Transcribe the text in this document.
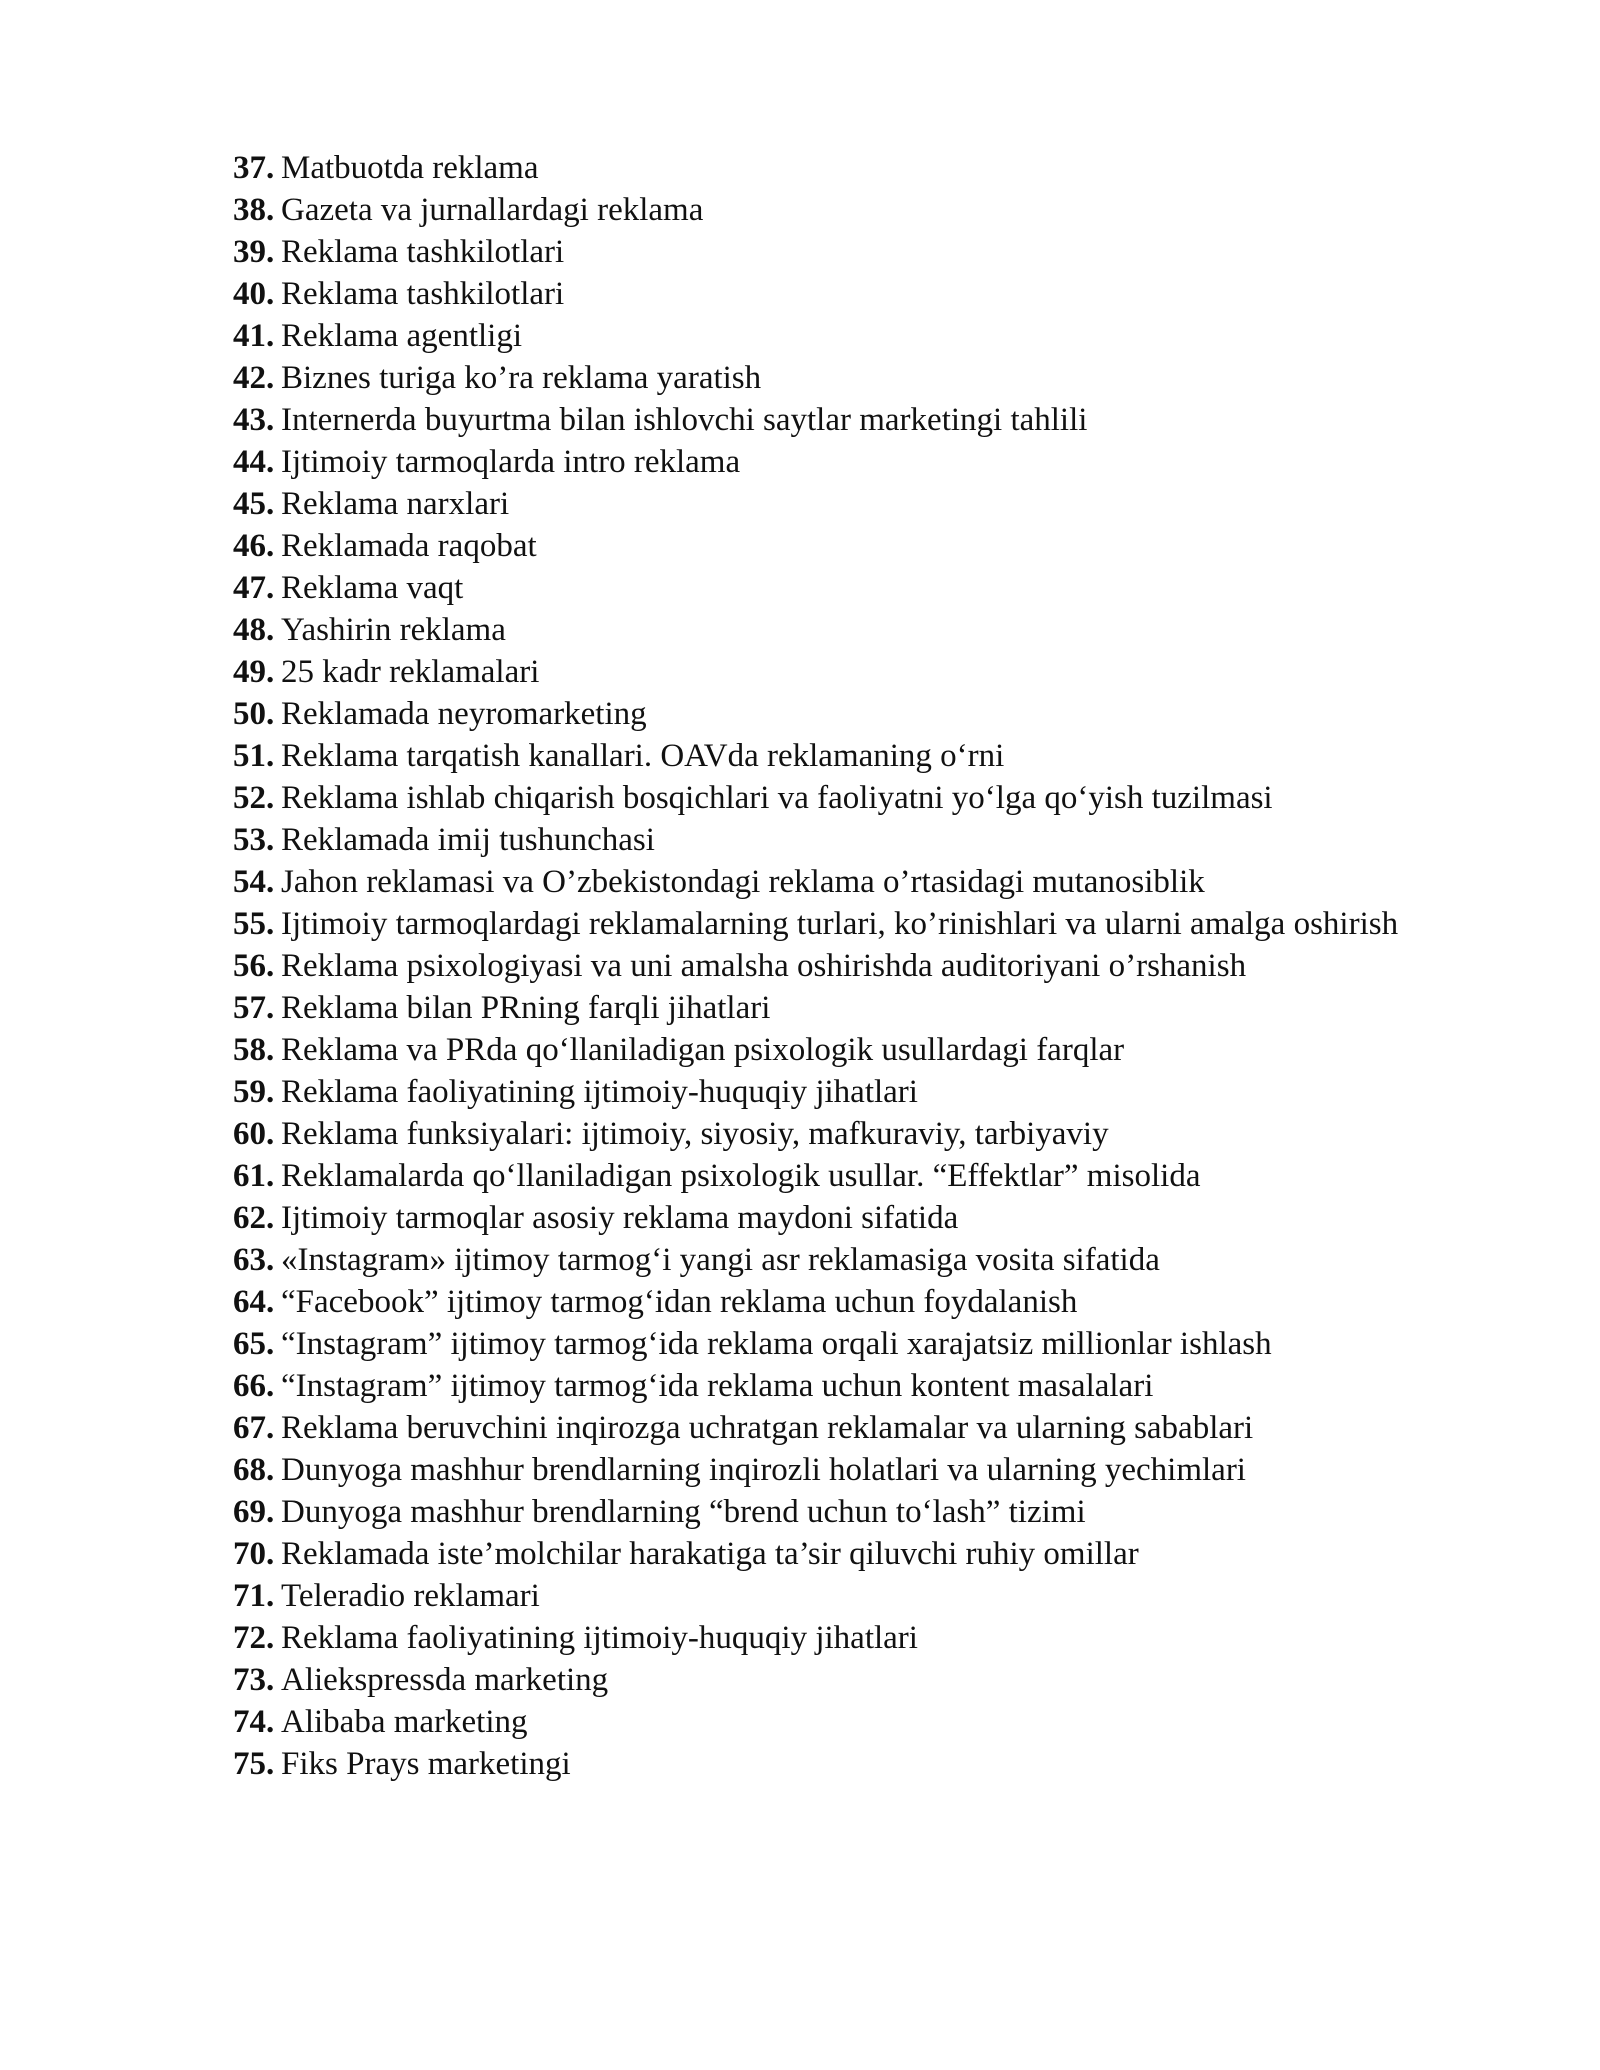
37. Matbuotda reklama
38. Gazeta va jurnallardagi reklama
39. Reklama tashkilotlari
40. Reklama tashkilotlari
41. Reklama agentligi
42. Biznes turiga ko’ra reklama yaratish
43. Internerda buyurtma bilan ishlovchi saytlar marketingi tahlili
44. Ijtimoiy tarmoqlarda intro reklama
45. Reklama narxlari
46. Reklamada raqobat
47. Reklama vaqt
48. Yashirin reklama
49. 25 kadr reklamalari
50. Reklamada neyromarketing
51. Reklama tarqatish kanallari. OAVda reklamaning o‘rni
52. Reklama ishlab chiqarish bosqichlari va faoliyatni yo‘lga qo‘yish tuzilmasi
53. Reklamada imij tushunchasi
54. Jahon reklamasi va O’zbekistondagi reklama o’rtasidagi mutanosiblik
55. Ijtimoiy tarmoqlardagi reklamalarning turlari, ko’rinishlari va ularni amalga oshirish
56. Reklama psixologiyasi va uni amalsha oshirishda auditoriyani o’rshanish
57. Reklama bilan PRning farqli jihatlari
58. Reklama va PRda qo‘llaniladigan psixologik usullardagi farqlar
59. Reklama faoliyatining ijtimoiy-huquqiy jihatlari
60. Reklama funksiyalari: ijtimoiy, siyosiy, mafkuraviy, tarbiyaviy
61. Reklamalarda qo‘llaniladigan psixologik usullar. “Effektlar” misolida
62. Ijtimoiy tarmoqlar asosiy reklama maydoni sifatida
63. «Instagram» ijtimoy tarmog‘i yangi asr reklamasiga vosita sifatida
64. “Facebook” ijtimoy tarmog‘idan reklama uchun foydalanish
65. “Instagram” ijtimoy tarmog‘ida reklama orqali xarajatsiz millionlar ishlash
66. “Instagram” ijtimoy tarmog‘ida reklama uchun kontent masalalari
67. Reklama beruvchini inqirozga uchratgan reklamalar va ularning sabablari
68. Dunyoga mashhur brendlarning inqirozli holatlari va ularning yechimlari
69. Dunyoga mashhur brendlarning “brend uchun to‘lash” tizimi
70. Reklamada iste’molchilar harakatiga ta’sir qiluvchi ruhiy omillar
71. Teleradio reklamari
72. Reklama faoliyatining ijtimoiy-huquqiy jihatlari
73. Aliekspressda marketing
74. Alibaba marketing
75. Fiks Prays marketingi
